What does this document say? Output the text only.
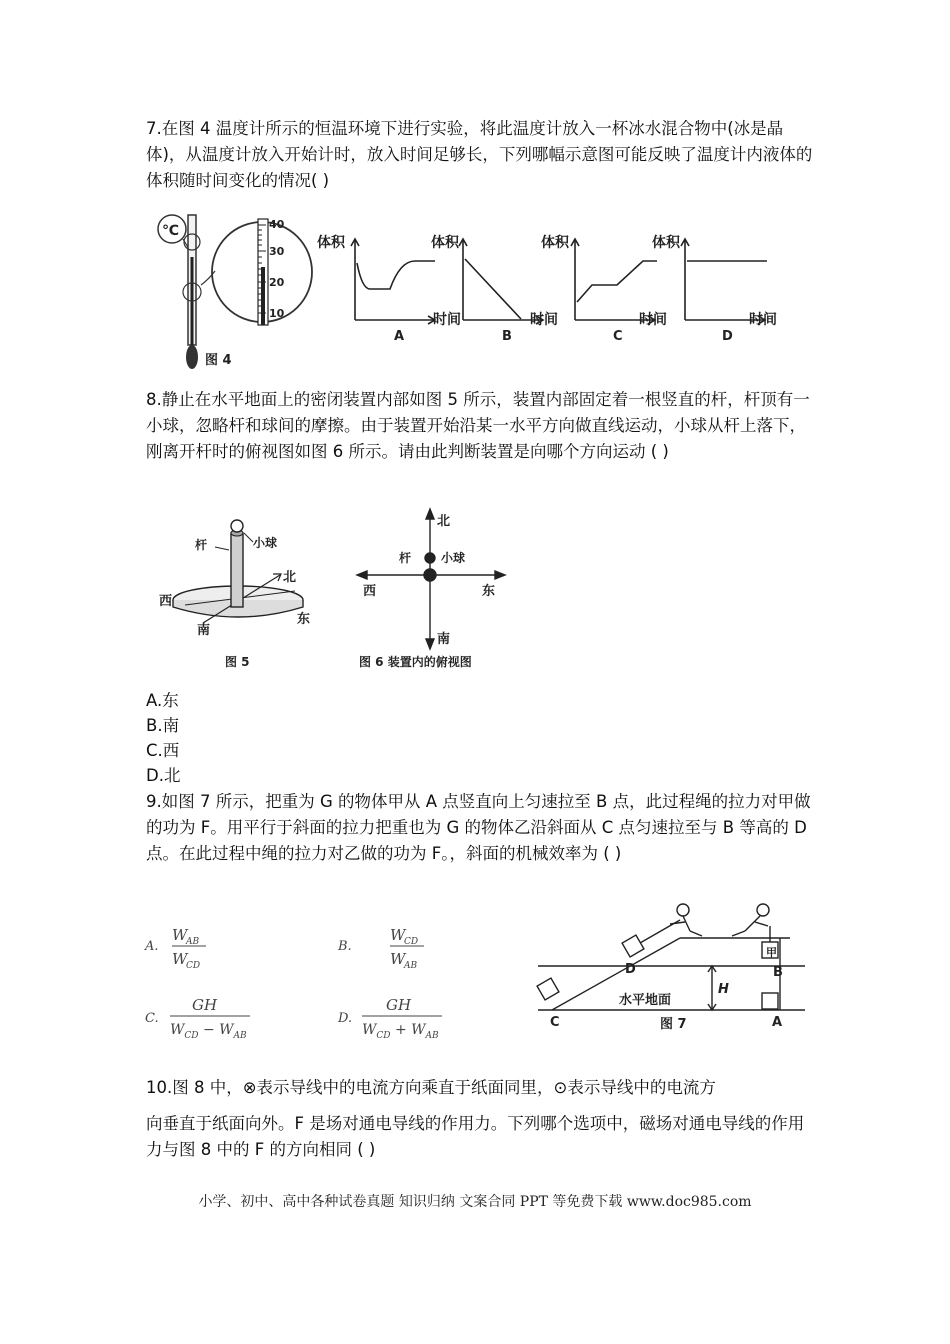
7.在图 4 温度计所示的恒温环境下进行实验，将此温度计放入一杯冰水混合物中(冰是晶体)，从温度计放入开始计时，放入时间足够长，下列哪幅示意图可能反映了温度计内液体的体积随时间变化的情况( )

℃
图 4
40
30
20
10
体积
时间
A
体积
时间
B
体积
时间
C
体积
时间
D

8.静止在水平地面上的密闭装置内部如图 5 所示，装置内部固定着一根竖直的杆，杆顶有一小球，忽略杆和球间的摩擦。由于装置开始沿某一水平方向做直线运动，小球从杆上落下，刚离开杆时的俯视图如图 6 所示。请由此判断装置是向哪个方向运动 ( )

杆	小球
北
西
东
南
图 5
北
杆 小球
西	东
南
图 6 装置内的俯视图
A.东
B.南
C.西
D.北

9.如图 7 所示，把重为 G 的物体甲从 A 点竖直向上匀速拉至 B 点，此过程绳的拉力对甲做的功为 F。用平行于斜面的拉力把重也为 G 的物体乙沿斜面从 C 点匀速拉至与 B 等高的 D 点。在此过程中绳的拉力对乙做的功为 F。，斜面的机械效率为 ( )

A.
W
AB
W
CD
B.
W
CD
W
AB
C.
GH
$W_{CD} - W_{AB}$
D.
GH
$W_{CD} + W_{AB}$
D	B
H
水平地面
甲
C	A
图 7

10.图 8 中，⊗表示导线中的电流方向乘直于纸面同里，⊙表示导线中的电流方

向垂直于纸面向外。F 是场对通电导线的作用力。下列哪个选项中，磁场对通电导线的作用力与图 8 中的 F 的方向相同 ( )

小学、初中、高中各种试卷真题 知识归纳 文案合同 PPT 等免费下载 www.doc985.com
